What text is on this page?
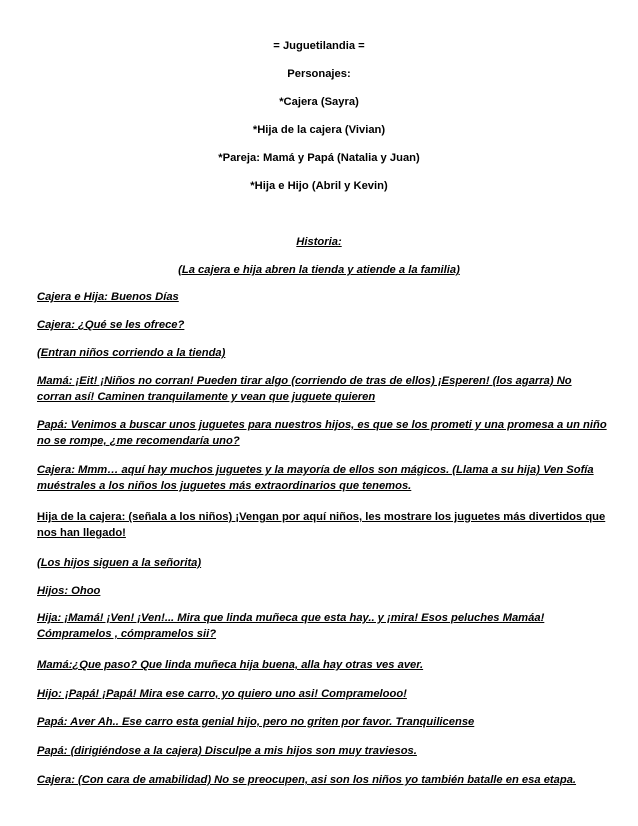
= Juguetilandia =
Personajes:
*Cajera (Sayra)
*Hija de la cajera (Vivian)
*Pareja: Mamá y Papá (Natalia y Juan)
*Hija e Hijo (Abril y Kevin)
Historia:
(La cajera e hija abren la tienda y atiende a la familia)
Cajera e Hija: Buenos Días
Cajera: ¿Qué se les ofrece?
(Entran niños corriendo a la tienda)
Mamá: ¡Eit! ¡Niños no corran! Pueden tirar algo (corriendo de tras de ellos) ¡Esperen! (los agarra) No corran así! Caminen tranquilamente y vean que juguete quieren
Papá: Venimos a buscar unos juguetes para nuestros hijos, es que se los prometi y una promesa a un niño no se rompe, ¿me recomendaría uno?
Cajera: Mmm… aquí hay muchos juguetes y la mayoría de ellos son mágicos. (Llama a su hija) Ven Sofía muéstrales a los niños los juguetes más extraordinarios que tenemos.
Hija de la cajera: (señala a los niños) ¡Vengan por aquí niños, les mostrare los juguetes más divertidos que nos han llegado!
(Los hijos siguen a la señorita)
Hijos: Ohoo
Hija: ¡Mamá! ¡Ven! ¡Ven!... Mira que linda muñeca que esta hay.. y ¡mira! Esos peluches Mamáa! Cómpramelos , cómpramelos sii?
Mamá:¿Que paso? Que linda muñeca hija buena, alla hay otras ves aver.
Hijo: ¡Papá! ¡Papá! Mira ese carro, yo quiero uno asi! Compramelooo!
Papá: Aver Ah.. Ese carro esta genial hijo, pero no griten por favor. Tranquilicense
Papá: (dirigiéndose a la cajera) Disculpe a mis hijos son muy traviesos.
Cajera: (Con cara de amabilidad) No se preocupen, asi son los niños yo también batalle en esa etapa.
